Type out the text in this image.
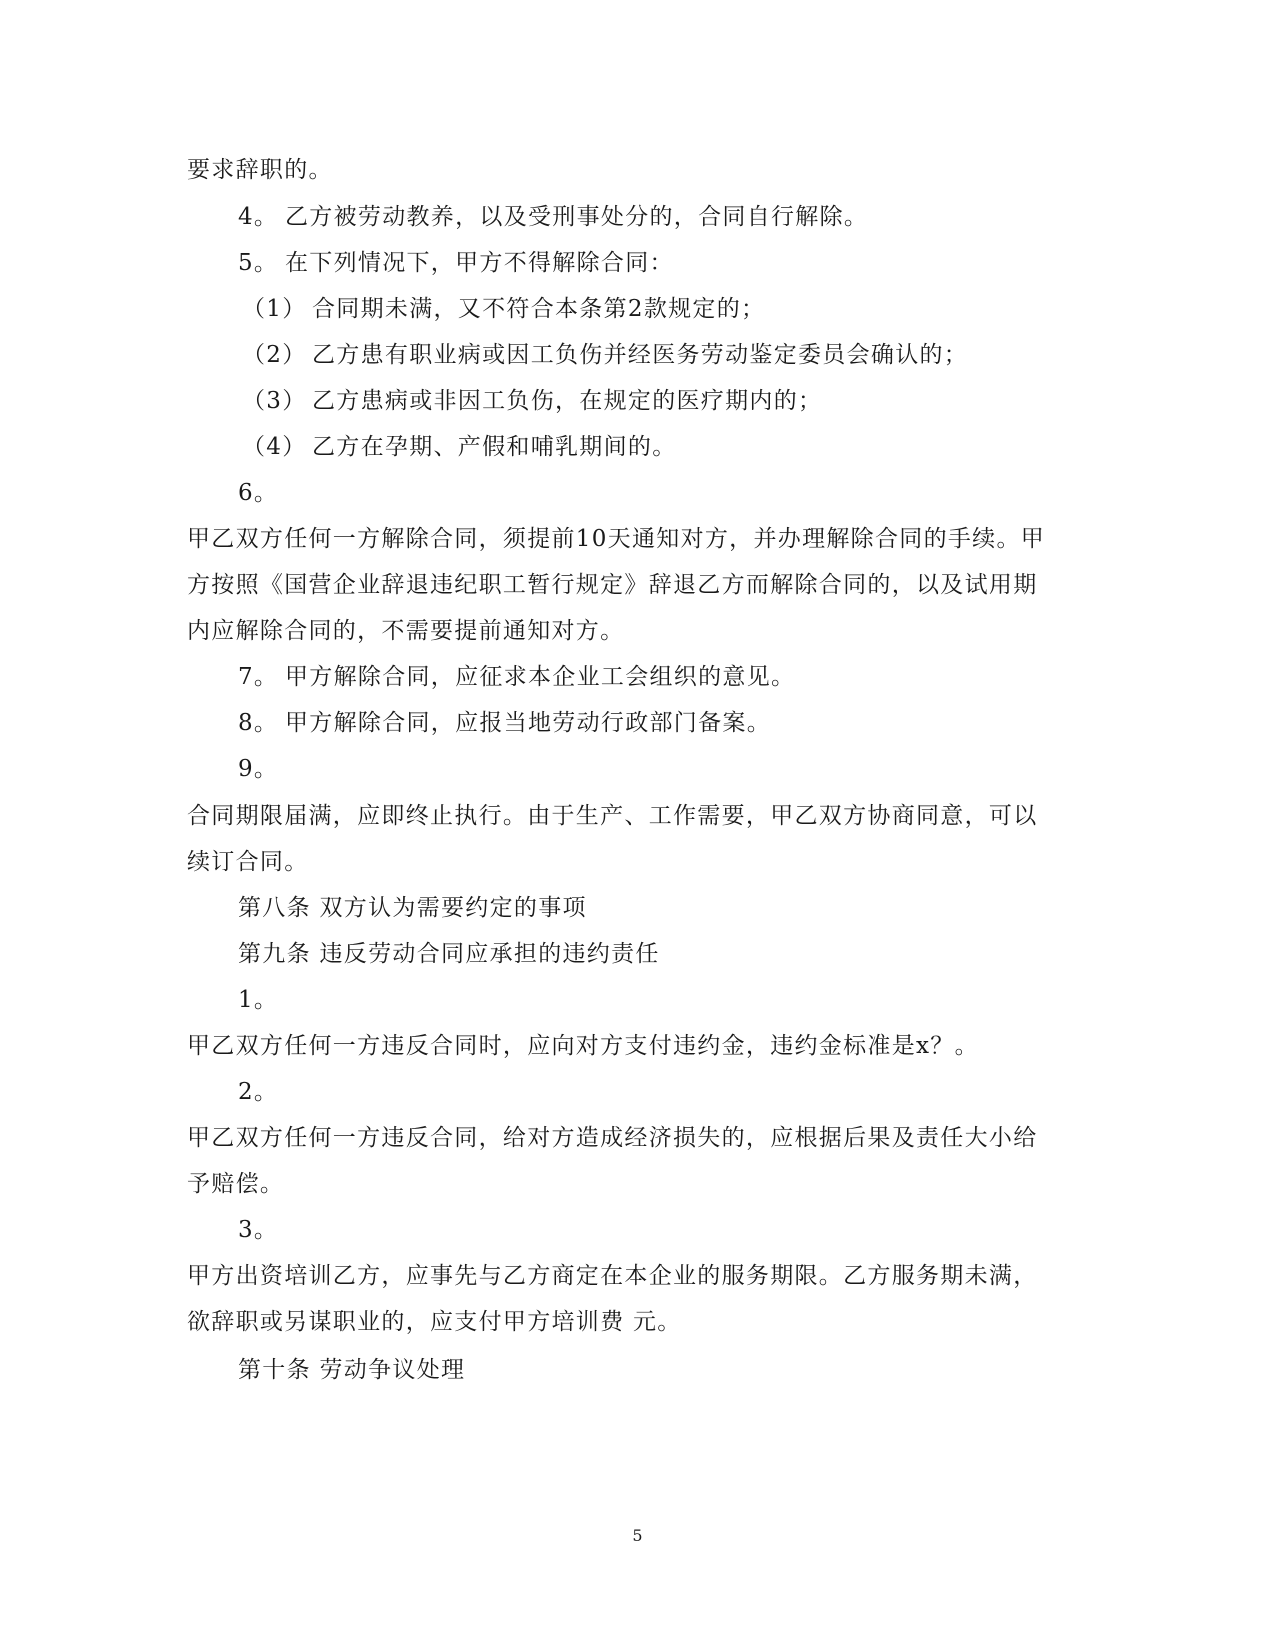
要求辞职的。
4。 乙方被劳动教养，以及受刑事处分的，合同自行解除。
5。 在下列情况下，甲方不得解除合同：
（1） 合同期未满，又不符合本条第2款规定的；
（2） 乙方患有职业病或因工负伤并经医务劳动鉴定委员会确认的；
（3） 乙方患病或非因工负伤，在规定的医疗期内的；
（4） 乙方在孕期、产假和哺乳期间的。
6。
甲乙双方任何一方解除合同，须提前10天通知对方，并办理解除合同的手续。甲
方按照《国营企业辞退违纪职工暂行规定》辞退乙方而解除合同的，以及试用期
内应解除合同的，不需要提前通知对方。
7。 甲方解除合同，应征求本企业工会组织的意见。
8。 甲方解除合同，应报当地劳动行政部门备案。
9。
合同期限届满，应即终止执行。由于生产、工作需要，甲乙双方协商同意，可以
续订合同。
第八条 双方认为需要约定的事项
第九条 违反劳动合同应承担的违约责任
1。
甲乙双方任何一方违反合同时，应向对方支付违约金，违约金标准是x？。
2。
甲乙双方任何一方违反合同，给对方造成经济损失的，应根据后果及责任大小给
予赔偿。
3。
甲方出资培训乙方，应事先与乙方商定在本企业的服务期限。乙方服务期未满，
欲辞职或另谋职业的，应支付甲方培训费 元。
第十条 劳动争议处理
5
